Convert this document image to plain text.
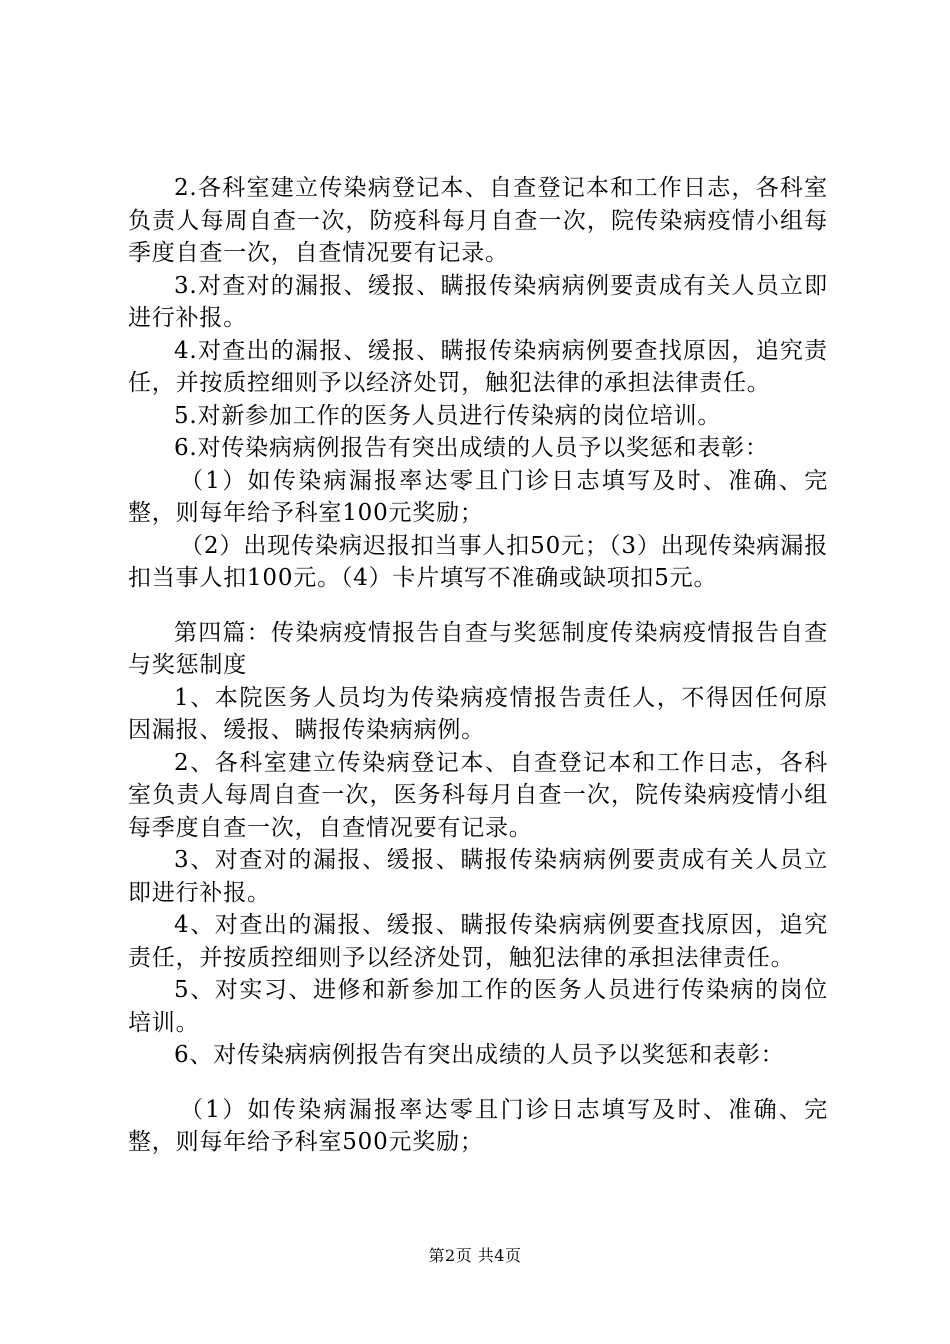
2.各科室建立传染病登记本、自查登记本和工作日志，各科室负责人每周自查一次，防疫科每月自查一次，院传染病疫情小组每季度自查一次，自查情况要有记录。

3.对查对的漏报、缓报、瞒报传染病病例要责成有关人员立即进行补报。

4.对查出的漏报、缓报、瞒报传染病病例要查找原因，追究责任，并按质控细则予以经济处罚，触犯法律的承担法律责任。

5.对新参加工作的医务人员进行传染病的岗位培训。

6.对传染病病例报告有突出成绩的人员予以奖惩和表彰：

（1）如传染病漏报率达零且门诊日志填写及时、准确、完整，则每年给予科室100元奖励；

（2）出现传染病迟报扣当事人扣50元；（3）出现传染病漏报扣当事人扣100元。（4）卡片填写不准确或缺项扣5元。

第四篇：传染病疫情报告自查与奖惩制度传染病疫情报告自查与奖惩制度

1、本院医务人员均为传染病疫情报告责任人，不得因任何原因漏报、缓报、瞒报传染病病例。

2、各科室建立传染病登记本、自查登记本和工作日志，各科室负责人每周自查一次，医务科每月自查一次，院传染病疫情小组每季度自查一次，自查情况要有记录。

3、对查对的漏报、缓报、瞒报传染病病例要责成有关人员立即进行补报。

4、对查出的漏报、缓报、瞒报传染病病例要查找原因，追究责任，并按质控细则予以经济处罚，触犯法律的承担法律责任。

5、对实习、进修和新参加工作的医务人员进行传染病的岗位培训。

6、对传染病病例报告有突出成绩的人员予以奖惩和表彰：

（1）如传染病漏报率达零且门诊日志填写及时、准确、完整，则每年给予科室500元奖励；

第2页 共4页
